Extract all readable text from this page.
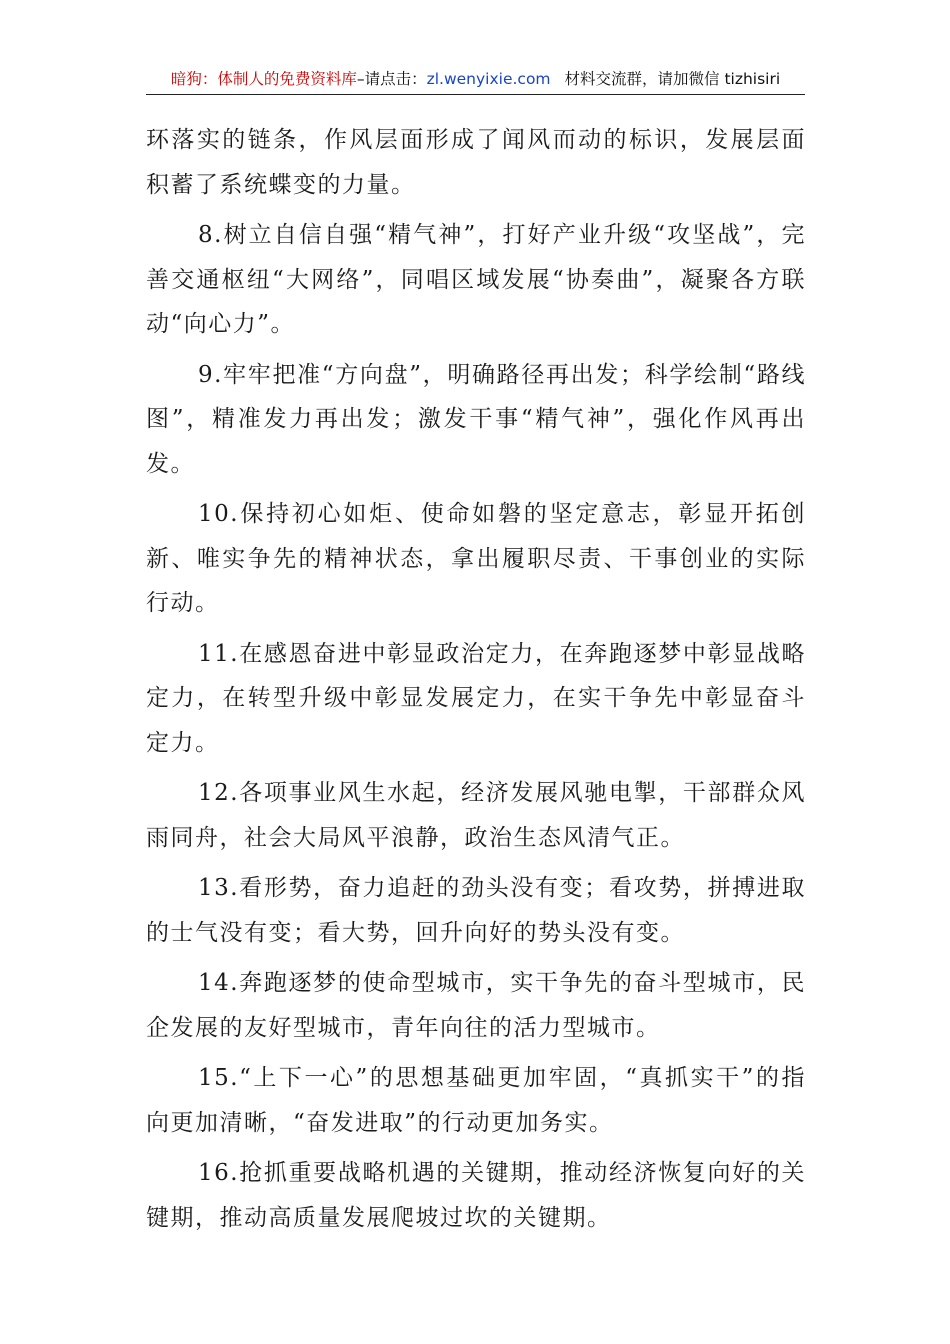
暗狗：体制人的免费资料库–请点击：zl.wenyixie.com 材料交流群，请加微信 tizhisiri

环落实的链条，作风层面形成了闻风而动的标识，发展层面积蓄了系统蝶变的力量。

8.树立自信自强“精气神”，打好产业升级“攻坚战”，完善交通枢纽“大网络”，同唱区域发展“协奏曲”，凝聚各方联动“向心力”。

9.牢牢把准“方向盘”，明确路径再出发；科学绘制“路线图”，精准发力再出发；激发干事“精气神”，强化作风再出发。

10.保持初心如炬、使命如磐的坚定意志，彰显开拓创新、唯实争先的精神状态，拿出履职尽责、干事创业的实际行动。

11.在感恩奋进中彰显政治定力，在奔跑逐梦中彰显战略定力，在转型升级中彰显发展定力，在实干争先中彰显奋斗定力。

12.各项事业风生水起，经济发展风驰电掣，干部群众风雨同舟，社会大局风平浪静，政治生态风清气正。

13.看形势，奋力追赶的劲头没有变；看攻势，拼搏进取的士气没有变；看大势，回升向好的势头没有变。

14.奔跑逐梦的使命型城市，实干争先的奋斗型城市，民企发展的友好型城市，青年向往的活力型城市。

15.“上下一心”的思想基础更加牢固，“真抓实干”的指向更加清晰，“奋发进取”的行动更加务实。

16.抢抓重要战略机遇的关键期，推动经济恢复向好的关键期，推动高质量发展爬坡过坎的关键期。
